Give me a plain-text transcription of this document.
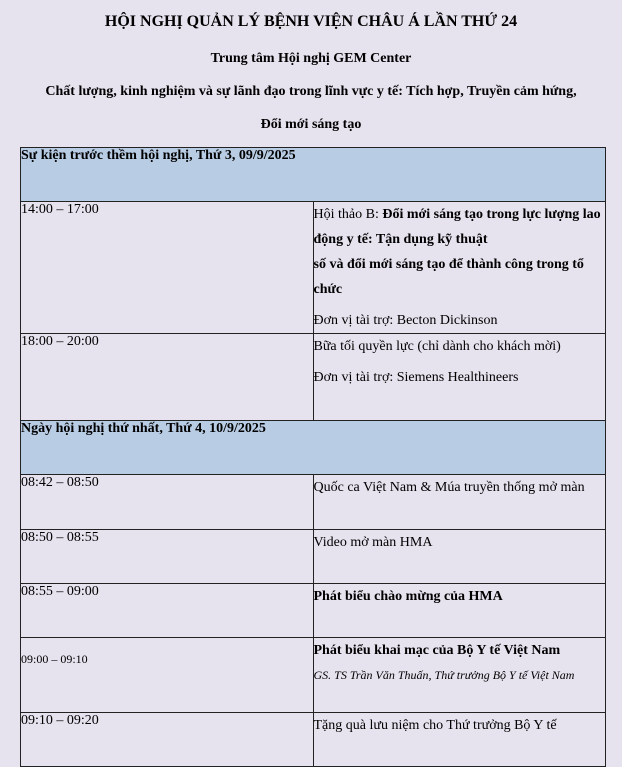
HỘI NGHỊ QUẢN LÝ BỆNH VIỆN CHÂU Á LẦN THỨ 24
Trung tâm Hội nghị GEM Center
Chất lượng, kinh nghiệm và sự lãnh đạo trong lĩnh vực y tế: Tích hợp, Truyền cảm hứng,
Đổi mới sáng tạo
Sự kiện trước thềm hội nghị, Thứ 3, 09/9/2025	
14:00 – 17:00	Hội thảo B: Đổi mới sáng tạo trong lực lượng lao động y tế: Tận dụng kỹ thuật
số và đổi mới sáng tạo để thành công trong tổ chức
Đơn vị tài trợ: Becton Dickinson

18:00 – 20:00	Bữa tối quyền lực (chỉ dành cho khách mời)
Đơn vị tài trợ: Siemens Healthineers

Ngày hội nghị thứ nhất, Thứ 4, 10/9/2025	
08:42 – 08:50	Quốc ca Việt Nam & Múa truyền thống mở màn

08:50 – 08:55	Video mở màn HMA

08:55 – 09:00	Phát biểu chào mừng của HMA

09:00 – 09:10	Phát biểu khai mạc của Bộ Y tế Việt Nam
GS. TS Trần Văn Thuấn, Thứ trưởng Bộ Y tế Việt Nam

09:10 – 09:20	Tặng quà lưu niệm cho Thứ trưởng Bộ Y tế
